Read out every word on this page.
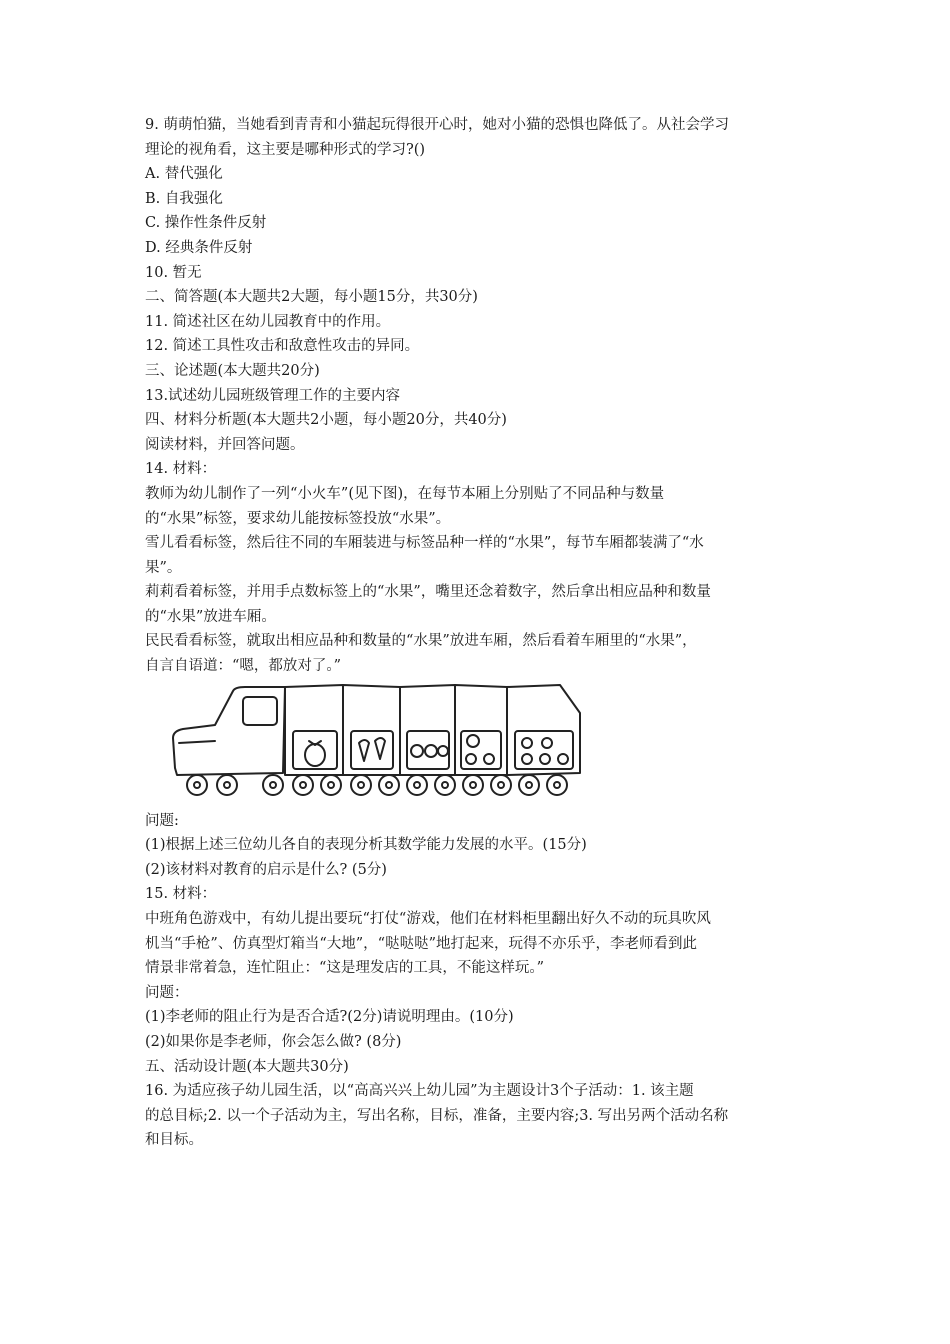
9. 萌萌怕猫，当她看到青青和小猫起玩得很开心时，她对小猫的恐惧也降低了。从社会学习
理论的视角看，这主要是哪种形式的学习?()
A. 替代强化
B. 自我强化
C. 操作性条件反射
D. 经典条件反射
10. 暂无
二、简答题(本大题共2大题，每小题15分，共30分)
11. 简述社区在幼儿园教育中的作用。
12. 简述工具性攻击和敌意性攻击的异同。
三、论述题(本大题共20分)
13.试述幼儿园班级管理工作的主要内容
四、材料分析题(本大题共2小题，每小题20分，共40分)
阅读材料，并回答问题。
14. 材料：
教师为幼儿制作了一列“小火车”(见下图)，在每节本厢上分别贴了不同品种与数量
的“水果”标签，要求幼儿能按标签投放“水果”。
雪儿看看标签，然后往不同的车厢装进与标签品种一样的“水果”，每节车厢都装满了“水
果”。
莉莉看着标签，并用手点数标签上的“水果”，嘴里还念着数字，然后拿出相应品种和数量
的“水果”放进车厢。
民民看看标签，就取出相应品种和数量的“水果”放进车厢，然后看着车厢里的“水果”，
自言自语道：“嗯，都放对了。”
问题:
(1)根据上述三位幼儿各自的表现分析其数学能力发展的水平。(15分)
(2)该材料对教育的启示是什么? (5分)
15. 材料：
中班角色游戏中，有幼儿提出要玩“打仗“游戏，他们在材料柜里翻出好久不动的玩具吹风
机当“手枪”、仿真型灯箱当“大地”，“哒哒哒”地打起来，玩得不亦乐乎，李老师看到此
情景非常着急，连忙阻止：“这是理发店的工具，不能这样玩。”
问题：
(1)李老师的阻止行为是否合适?(2分)请说明理由。(10分)
(2)如果你是李老师，你会怎么做? (8分)
五、活动设计题(本大题共30分)
16. 为适应孩子幼儿园生活，以“高高兴兴上幼儿园”为主题设计3个子活动：1. 该主题
的总目标;2. 以一个子活动为主，写出名称，目标，准备，主要内容;3. 写出另两个活动名称
和目标。
